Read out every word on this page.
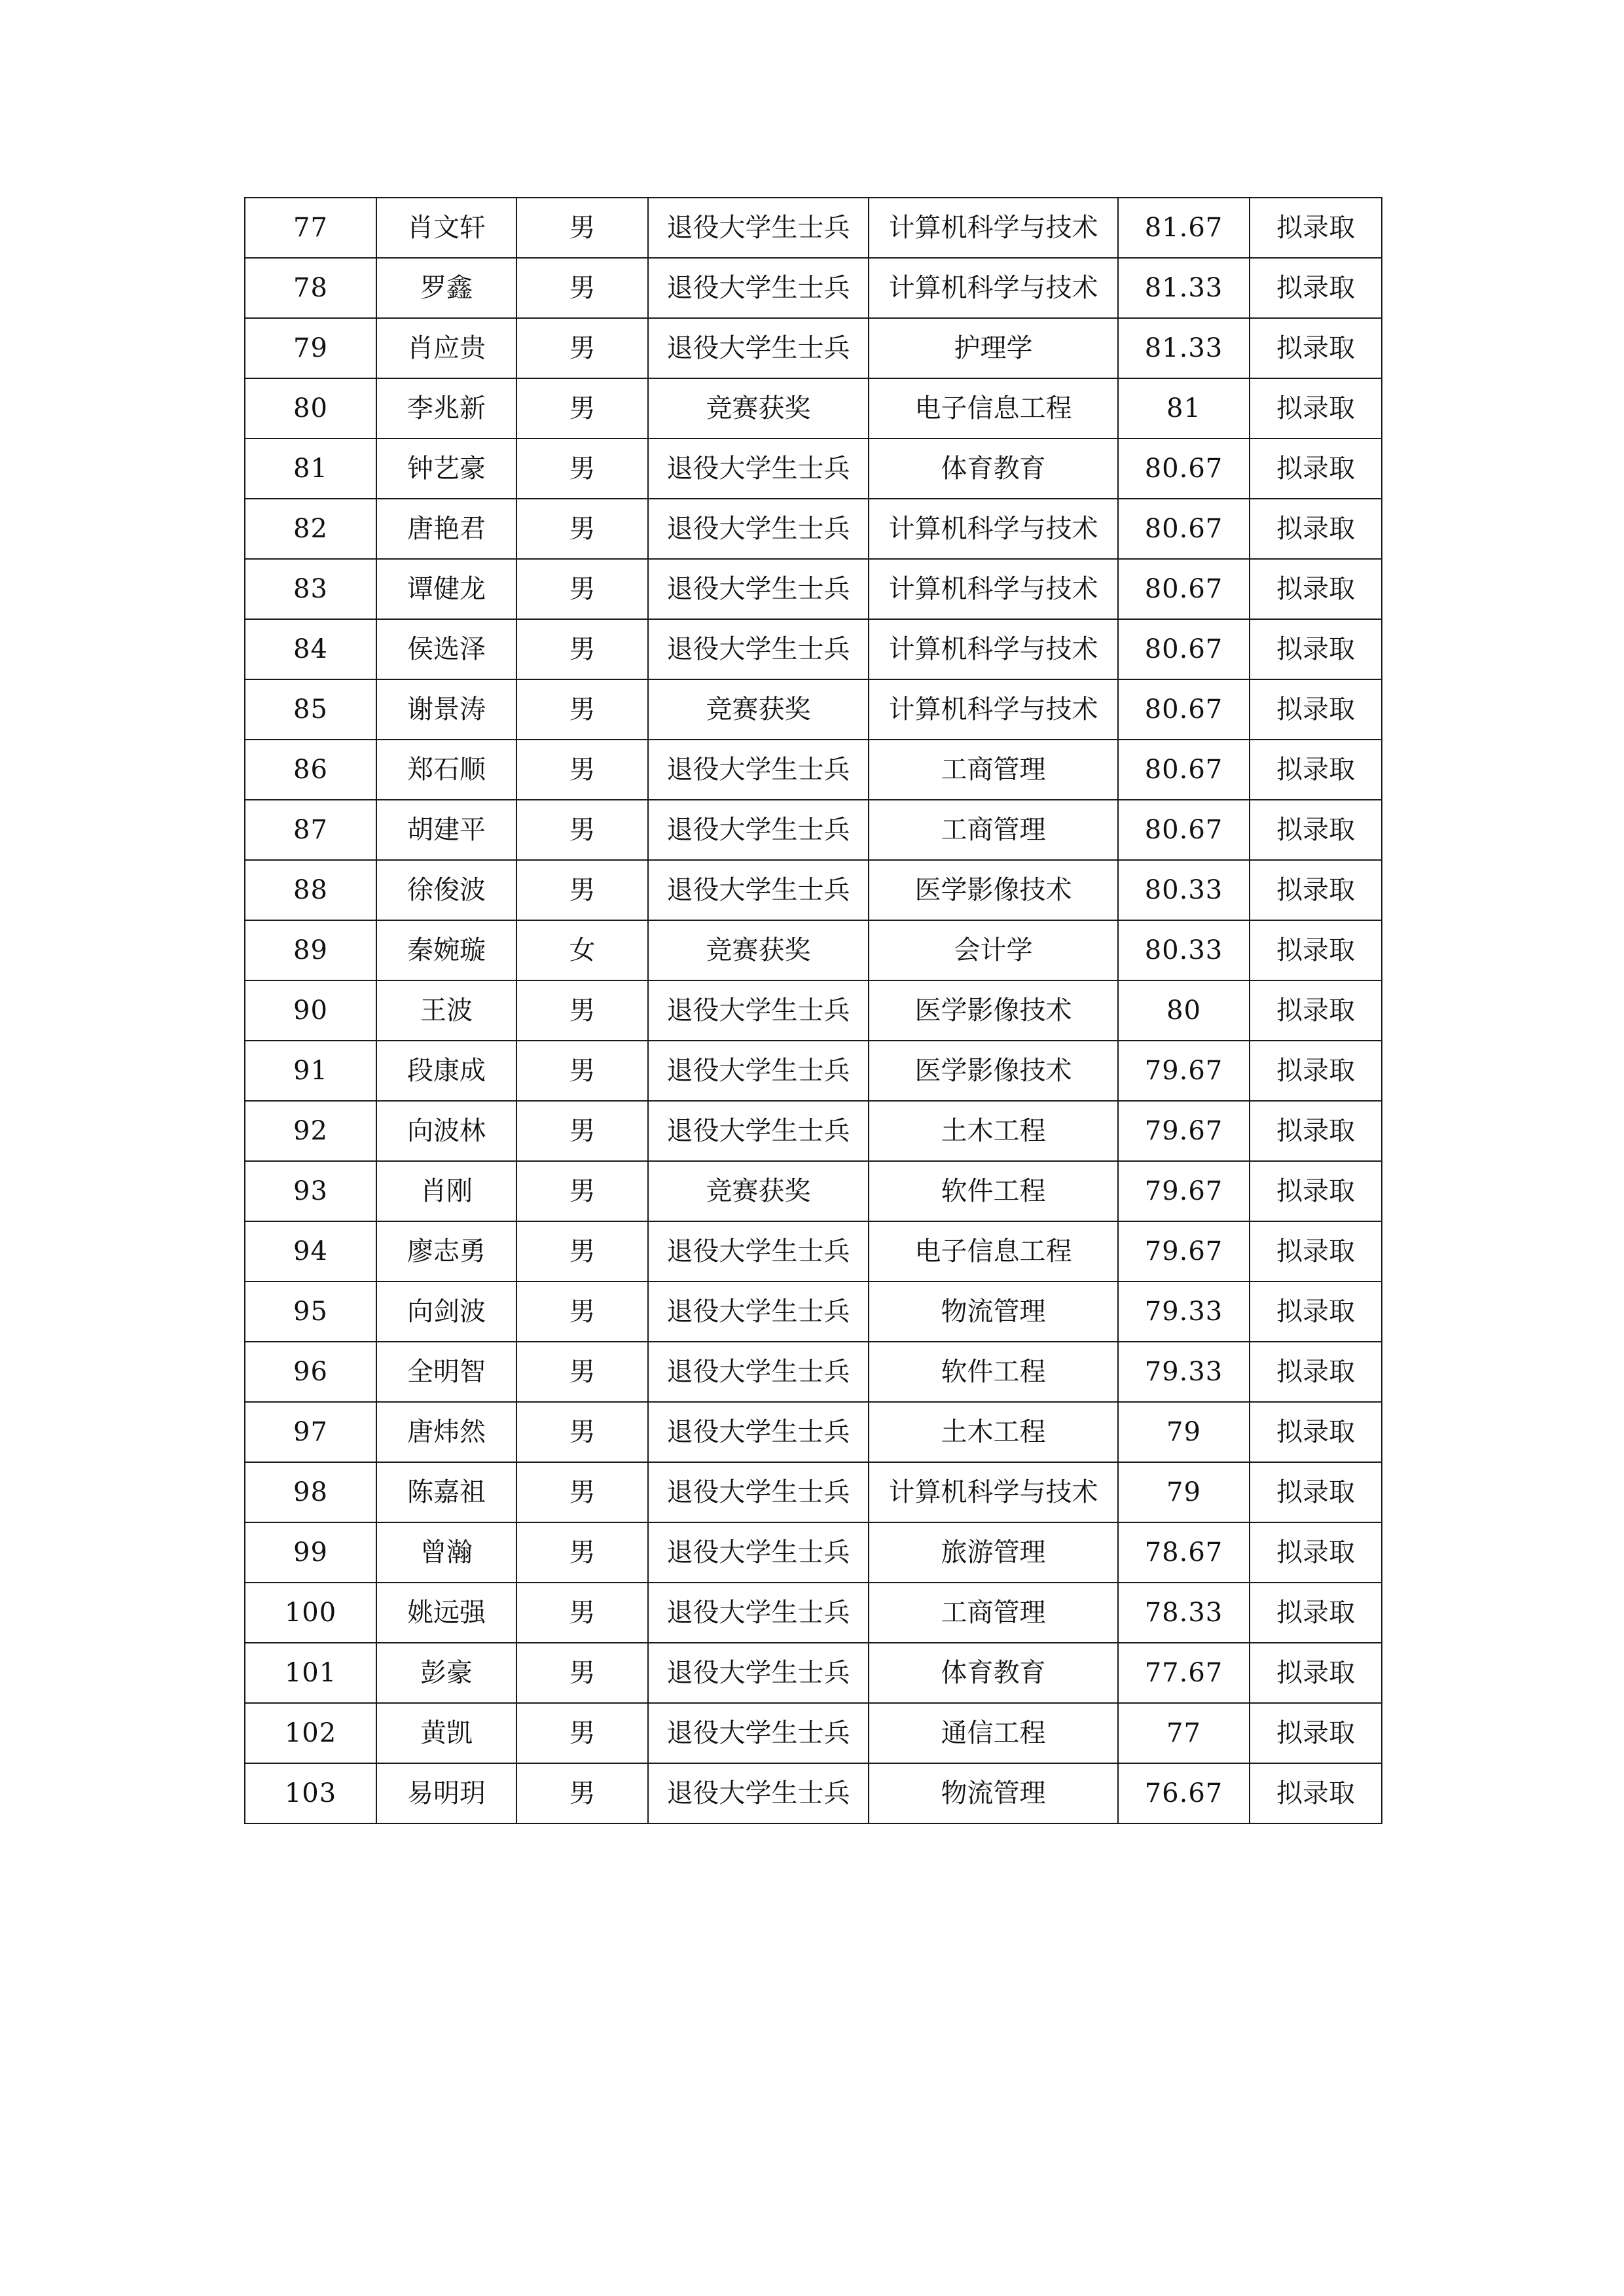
77	肖文轩	男	退役大学生士兵	计算机科学与技术	81.67	拟录取
78	罗鑫	男	退役大学生士兵	计算机科学与技术	81.33	拟录取
79	肖应贵	男	退役大学生士兵	护理学	81.33	拟录取
80	李兆新	男	竞赛获奖	电子信息工程	81	拟录取
81	钟艺豪	男	退役大学生士兵	体育教育	80.67	拟录取
82	唐艳君	男	退役大学生士兵	计算机科学与技术	80.67	拟录取
83	谭健龙	男	退役大学生士兵	计算机科学与技术	80.67	拟录取
84	侯选泽	男	退役大学生士兵	计算机科学与技术	80.67	拟录取
85	谢景涛	男	竞赛获奖	计算机科学与技术	80.67	拟录取
86	郑石顺	男	退役大学生士兵	工商管理	80.67	拟录取
87	胡建平	男	退役大学生士兵	工商管理	80.67	拟录取
88	徐俊波	男	退役大学生士兵	医学影像技术	80.33	拟录取
89	秦婉璇	女	竞赛获奖	会计学	80.33	拟录取
90	王波	男	退役大学生士兵	医学影像技术	80	拟录取
91	段康成	男	退役大学生士兵	医学影像技术	79.67	拟录取
92	向波林	男	退役大学生士兵	土木工程	79.67	拟录取
93	肖刚	男	竞赛获奖	软件工程	79.67	拟录取
94	廖志勇	男	退役大学生士兵	电子信息工程	79.67	拟录取
95	向剑波	男	退役大学生士兵	物流管理	79.33	拟录取
96	全明智	男	退役大学生士兵	软件工程	79.33	拟录取
97	唐炜然	男	退役大学生士兵	土木工程	79	拟录取
98	陈嘉祖	男	退役大学生士兵	计算机科学与技术	79	拟录取
99	曾瀚	男	退役大学生士兵	旅游管理	78.67	拟录取
100	姚远强	男	退役大学生士兵	工商管理	78.33	拟录取
101	彭豪	男	退役大学生士兵	体育教育	77.67	拟录取
102	黄凯	男	退役大学生士兵	通信工程	77	拟录取
103	易明玥	男	退役大学生士兵	物流管理	76.67	拟录取
